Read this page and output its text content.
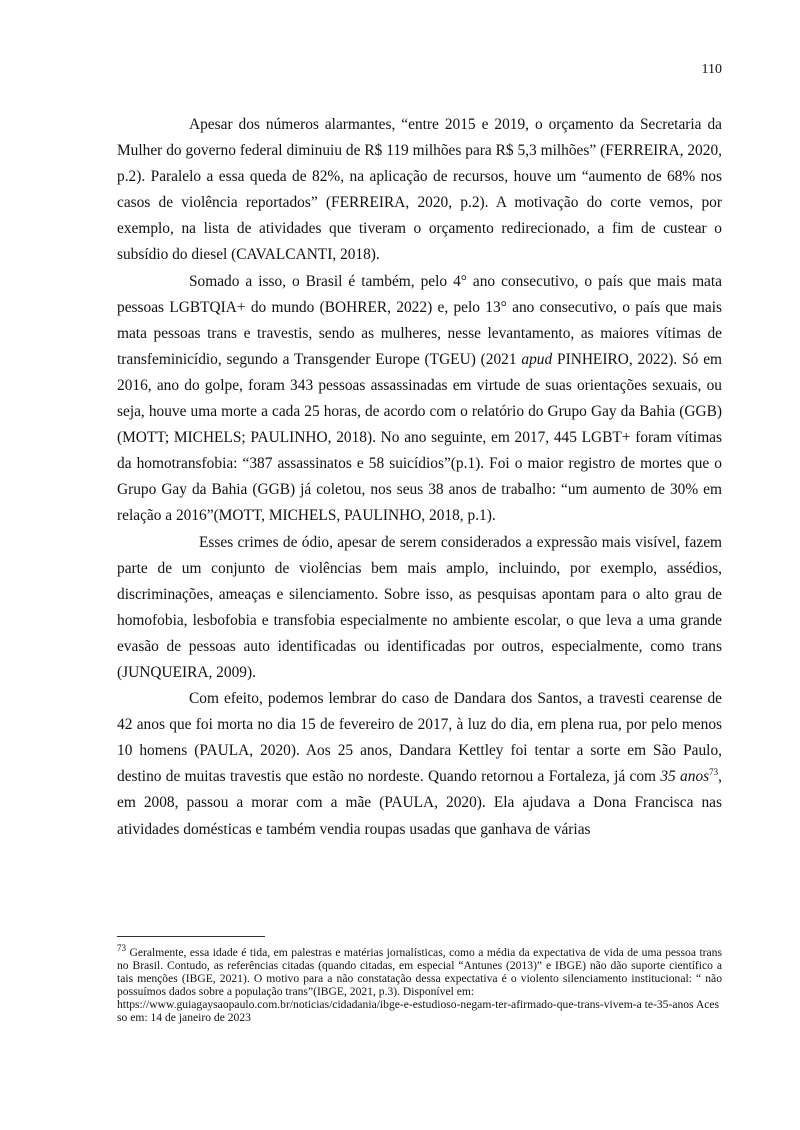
110

Apesar dos números alarmantes, “entre 2015 e 2019, o orçamento da Secretaria da Mulher do governo federal diminuiu de R$ 119 milhões para R$ 5,3 milhões” (FERREIRA, 2020, p.2). Paralelo a essa queda de 82%, na aplicação de recursos, houve um “aumento de 68% nos casos de violência reportados” (FERREIRA, 2020, p.2). A motivação do corte vemos, por exemplo, na lista de atividades que tiveram o orçamento redirecionado, a fim de custear o subsídio do diesel (CAVALCANTI, 2018).

Somado a isso, o Brasil é também, pelo 4° ano consecutivo, o país que mais mata pessoas LGBTQIA+ do mundo (BOHRER, 2022) e, pelo 13° ano consecutivo, o país que mais mata pessoas trans e travestis, sendo as mulheres, nesse levantamento, as maiores vítimas de transfeminicídio, segundo a Transgender Europe (TGEU) (2021 apud PINHEIRO, 2022). Só em 2016, ano do golpe, foram 343 pessoas assassinadas em virtude de suas orientações sexuais, ou seja, houve uma morte a cada 25 horas, de acordo com o relatório do Grupo Gay da Bahia (GGB) (MOTT; MICHELS; PAULINHO, 2018). No ano seguinte, em 2017, 445 LGBT+ foram vítimas da homotransfobia: “387 assassinatos e 58 suicídios”(p.1). Foi o maior registro de mortes que o Grupo Gay da Bahia (GGB) já coletou, nos seus 38 anos de trabalho: “um aumento de 30% em relação a 2016”(MOTT, MICHELS, PAULINHO, 2018, p.1).

Esses crimes de ódio, apesar de serem considerados a expressão mais visível, fazem parte de um conjunto de violências bem mais amplo, incluindo, por exemplo, assédios, discriminações, ameaças e silenciamento. Sobre isso, as pesquisas apontam para o alto grau de homofobia, lesbofobia e transfobia especialmente no ambiente escolar, o que leva a uma grande evasão de pessoas auto identificadas ou identificadas por outros, especialmente, como trans (JUNQUEIRA, 2009).

Com efeito, podemos lembrar do caso de Dandara dos Santos, a travesti cearense de 42 anos que foi morta no dia 15 de fevereiro de 2017, à luz do dia, em plena rua, por pelo menos 10 homens (PAULA, 2020). Aos 25 anos, Dandara Kettley foi tentar a sorte em São Paulo, destino de muitas travestis que estão no nordeste. Quando retornou a Fortaleza, já com 35 anos$^{73}$, em 2008, passou a morar com a mãe (PAULA, 2020). Ela ajudava a Dona Francisca nas atividades domésticas e também vendia roupas usadas que ganhava de várias

$^{73}$ Geralmente, essa idade é tida, em palestras e matérias jornalísticas, como a média da expectativa de vida de uma pessoa trans no Brasil. Contudo, as referências citadas (quando citadas, em especial “Antunes (2013)” e IBGE) não dão suporte científico a tais menções (IBGE, 2021). O motivo para a não constatação dessa expectativa é o violento silenciamento institucional: “ não possuímos dados sobre a população trans”(IBGE, 2021, p.3). Disponível em:
https://www.guiagaysaopaulo.com.br/noticias/cidadania/ibge-e-estudioso-negam-ter-afirmado-que-trans-vivem-a te-35-anos Acesso em: 14 de janeiro de 2023
